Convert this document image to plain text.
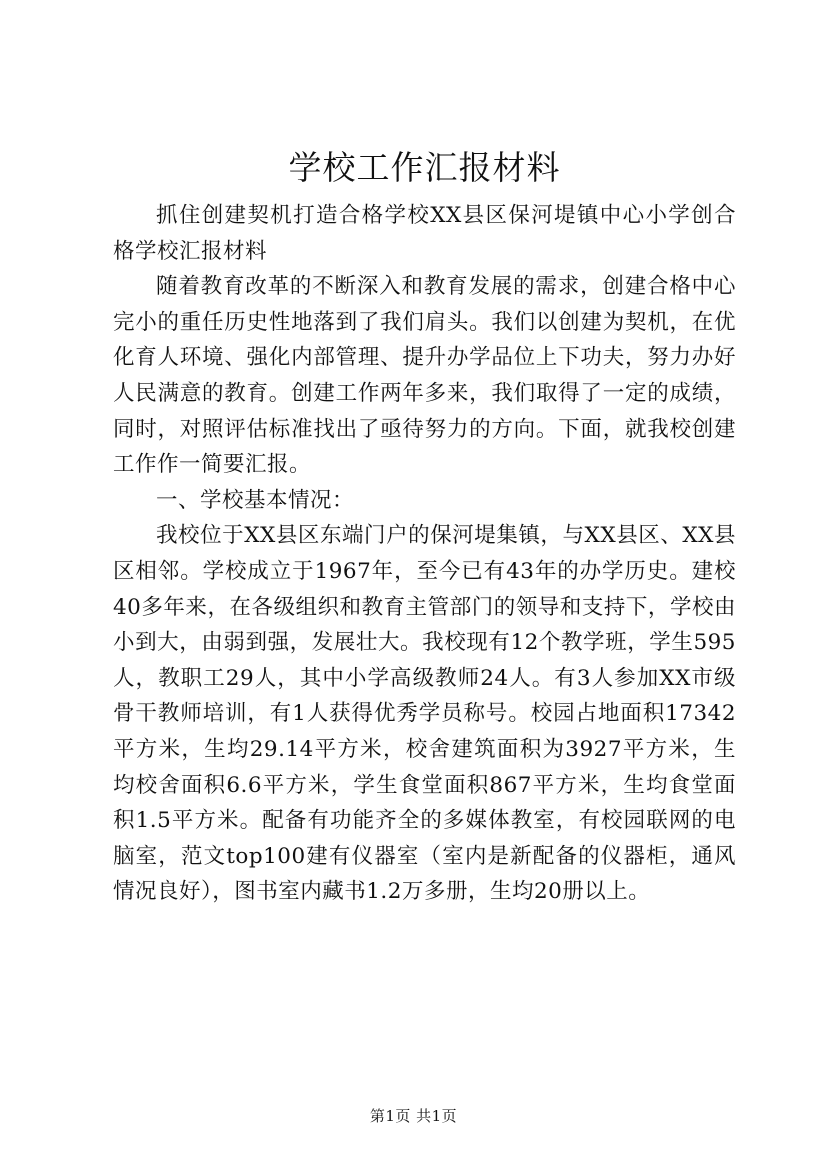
学校工作汇报材料

抓住创建契机打造合格学校XX县区保河堤镇中心小学创合格学校汇报材料

随着教育改革的不断深入和教育发展的需求，创建合格中心完小的重任历史性地落到了我们肩头。我们以创建为契机，在优化育人环境、强化内部管理、提升办学品位上下功夫，努力办好人民满意的教育。创建工作两年多来，我们取得了一定的成绩，同时，对照评估标准找出了亟待努力的方向。下面，就我校创建工作作一简要汇报。

一、学校基本情况：

我校位于XX县区东端门户的保河堤集镇，与XX县区、XX县区相邻。学校成立于1967年，至今已有43年的办学历史。建校40多年来，在各级组织和教育主管部门的领导和支持下，学校由小到大，由弱到强，发展壮大。我校现有12个教学班，学生595人，教职工29人，其中小学高级教师24人。有3人参加XX市级骨干教师培训，有1人获得优秀学员称号。校园占地面积17342平方米，生均29.14平方米，校舍建筑面积为3927平方米，生均校舍面积6.6平方米，学生食堂面积867平方米，生均食堂面积1.5平方米。配备有功能齐全的多媒体教室，有校园联网的电脑室，范文top100建有仪器室（室内是新配备的仪器柜，通风情况良好），图书室内藏书1.2万多册，生均20册以上。

第1页 共1页
